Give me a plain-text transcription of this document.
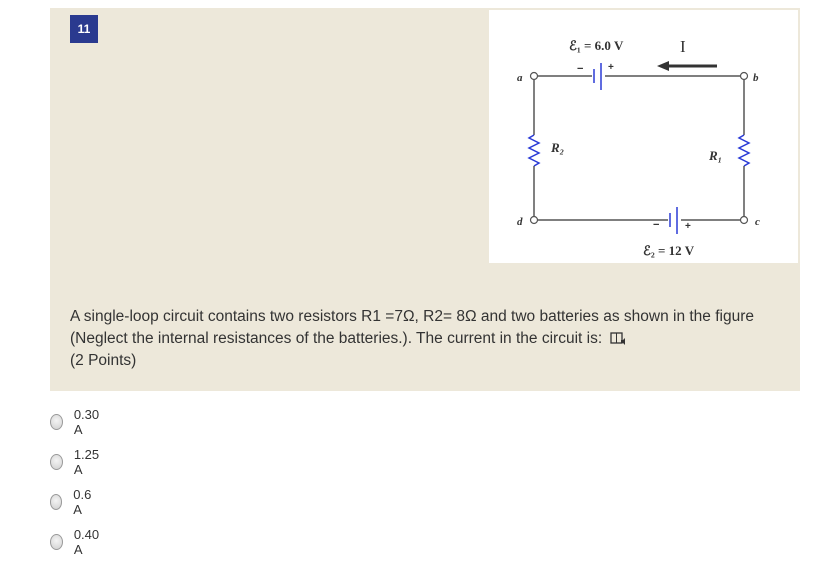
11
ℰ₁ = 6.0 V	I
− +
a	b
c
d
R₂
R₁
−	+
ℰ₂ = 12 V
A single-loop circuit contains two resistors R1 =7Ω, R2= 8Ω and two batteries as shown in the figure (Neglect the internal resistances of the batteries.). The current in the circuit is:
(2 Points)
0.30 A
1.25 A
0.6 A
0.40 A
